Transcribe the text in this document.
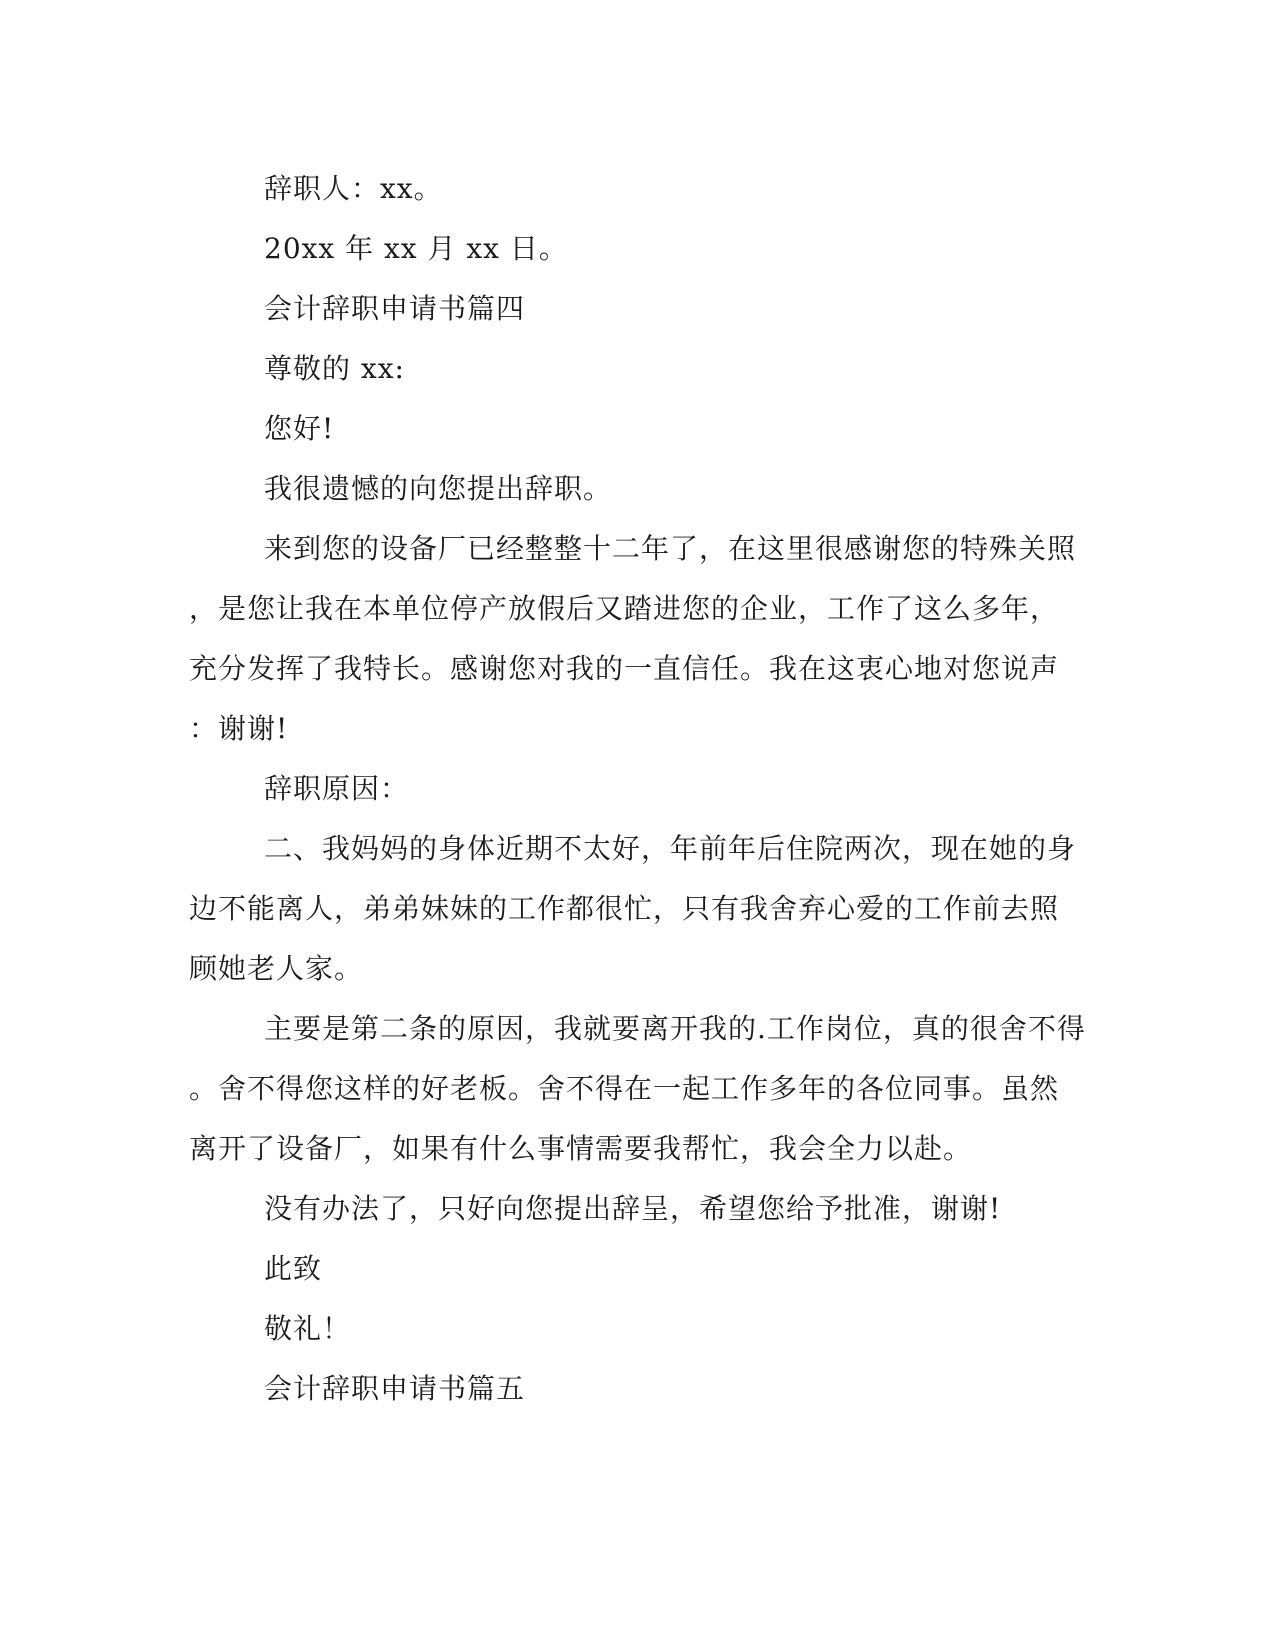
辞职人：xx。

20xx 年 xx 月 xx 日。

会计辞职申请书篇四

尊敬的 xx:

您好!

我很遗憾的向您提出辞职。

来到您的设备厂已经整整十二年了，在这里很感谢您的特殊关照

，是您让我在本单位停产放假后又踏进您的企业，工作了这么多年，

充分发挥了我特长。感谢您对我的一直信任。我在这衷心地对您说声

：谢谢!

辞职原因：

二、我妈妈的身体近期不太好，年前年后住院两次，现在她的身

边不能离人，弟弟妹妹的工作都很忙，只有我舍弃心爱的工作前去照

顾她老人家。

主要是第二条的原因，我就要离开我的.工作岗位，真的很舍不得

。舍不得您这样的好老板。舍不得在一起工作多年的各位同事。虽然

离开了设备厂，如果有什么事情需要我帮忙，我会全力以赴。

没有办法了，只好向您提出辞呈，希望您给予批准，谢谢!

此致

敬礼！

会计辞职申请书篇五
